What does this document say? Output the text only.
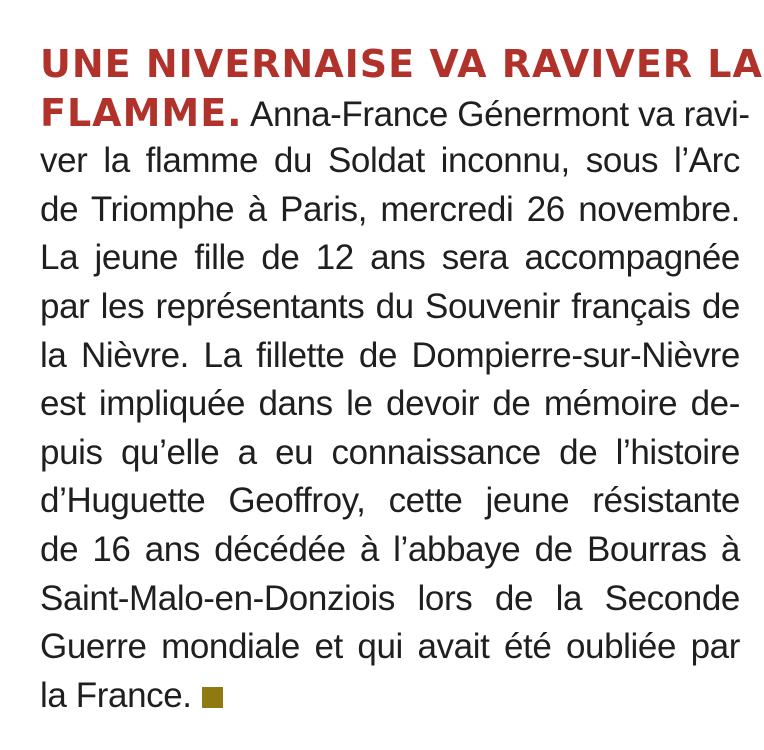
UNE NIVERNAISE VA RAVIVER LA
FLAMME. Anna-France Génermont va ravi-
ver la flamme du Soldat inconnu, sous l’Arc
de Triomphe à Paris, mercredi 26 novembre.
La jeune fille de 12 ans sera accompagnée
par les représentants du Souvenir français de
la Nièvre. La fillette de Dompierre-sur-Nièvre
est impliquée dans le devoir de mémoire de-
puis qu’elle a eu connaissance de l’histoire
d’Huguette Geoffroy, cette jeune résistante
de 16 ans décédée à l’abbaye de Bourras à
Saint-Malo-en-Donziois lors de la Seconde
Guerre mondiale et qui avait été oubliée par
la France.
